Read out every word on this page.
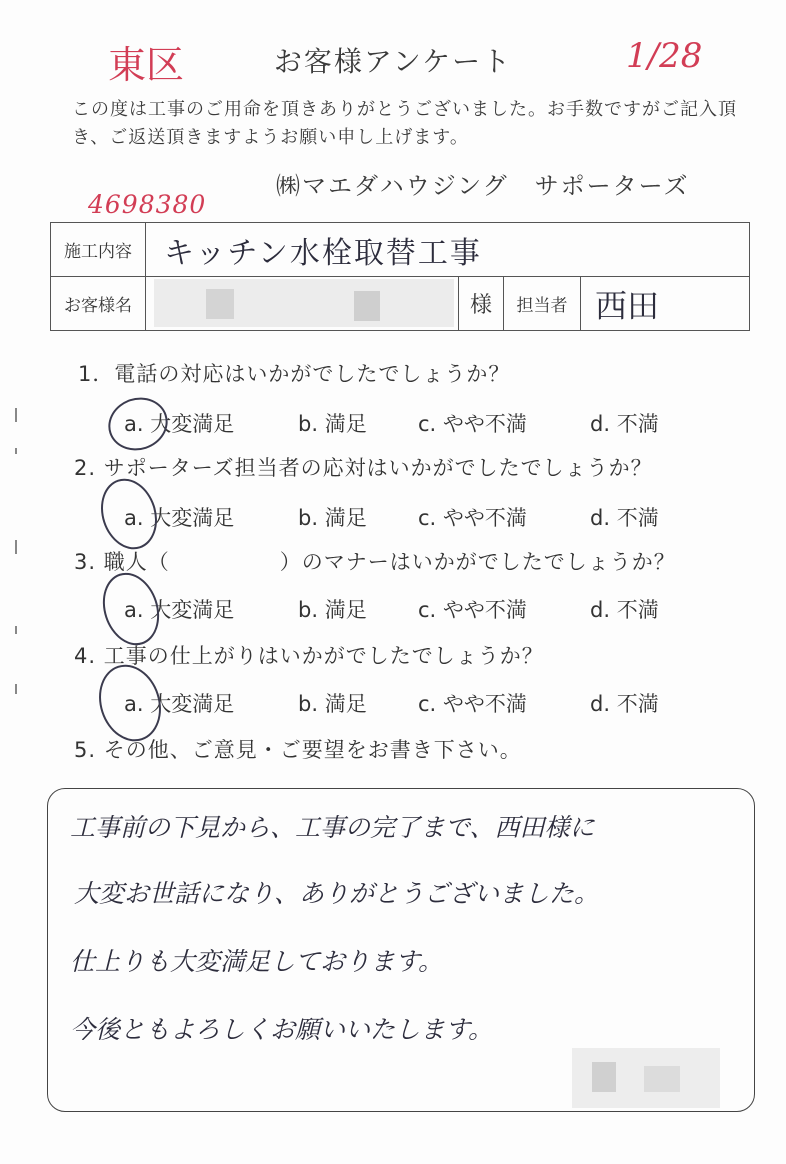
東区	1/28
4698380
お客様アンケート
この度は工事のご用命を頂きありがとうございました。お手数ですがご記入頂き、ご返送頂きますようお願い申し上げます。
㈱マエダハウジング　サポーターズ
施工内容	キッチン水栓取替工事			
お客様名		様	担当者	西田
1．電話の対応はいかがでしたでしょうか？
2. サポーターズ担当者の応対はいかがでしたでしょうか？
3. 職人（　　　　　）のマナーはいかがでしたでしょうか？
4. 工事の仕上がりはいかがでしたでしょうか？
5. その他、ご意見・ご要望をお書き下さい。
a. 大変満足	b. 満足 c. やや不満	d. 不満
a. 大変満足	b. 満足 c. やや不満	d. 不満
a. 大変満足	b. 満足 c. やや不満	d. 不満
a. 大変満足	b. 満足 c. やや不満	d. 不満
工事前の下見から、工事の完了まで、西田様に
大変お世話になり、ありがとうございました。
仕上りも大変満足しております。
今後ともよろしくお願いいたします。
